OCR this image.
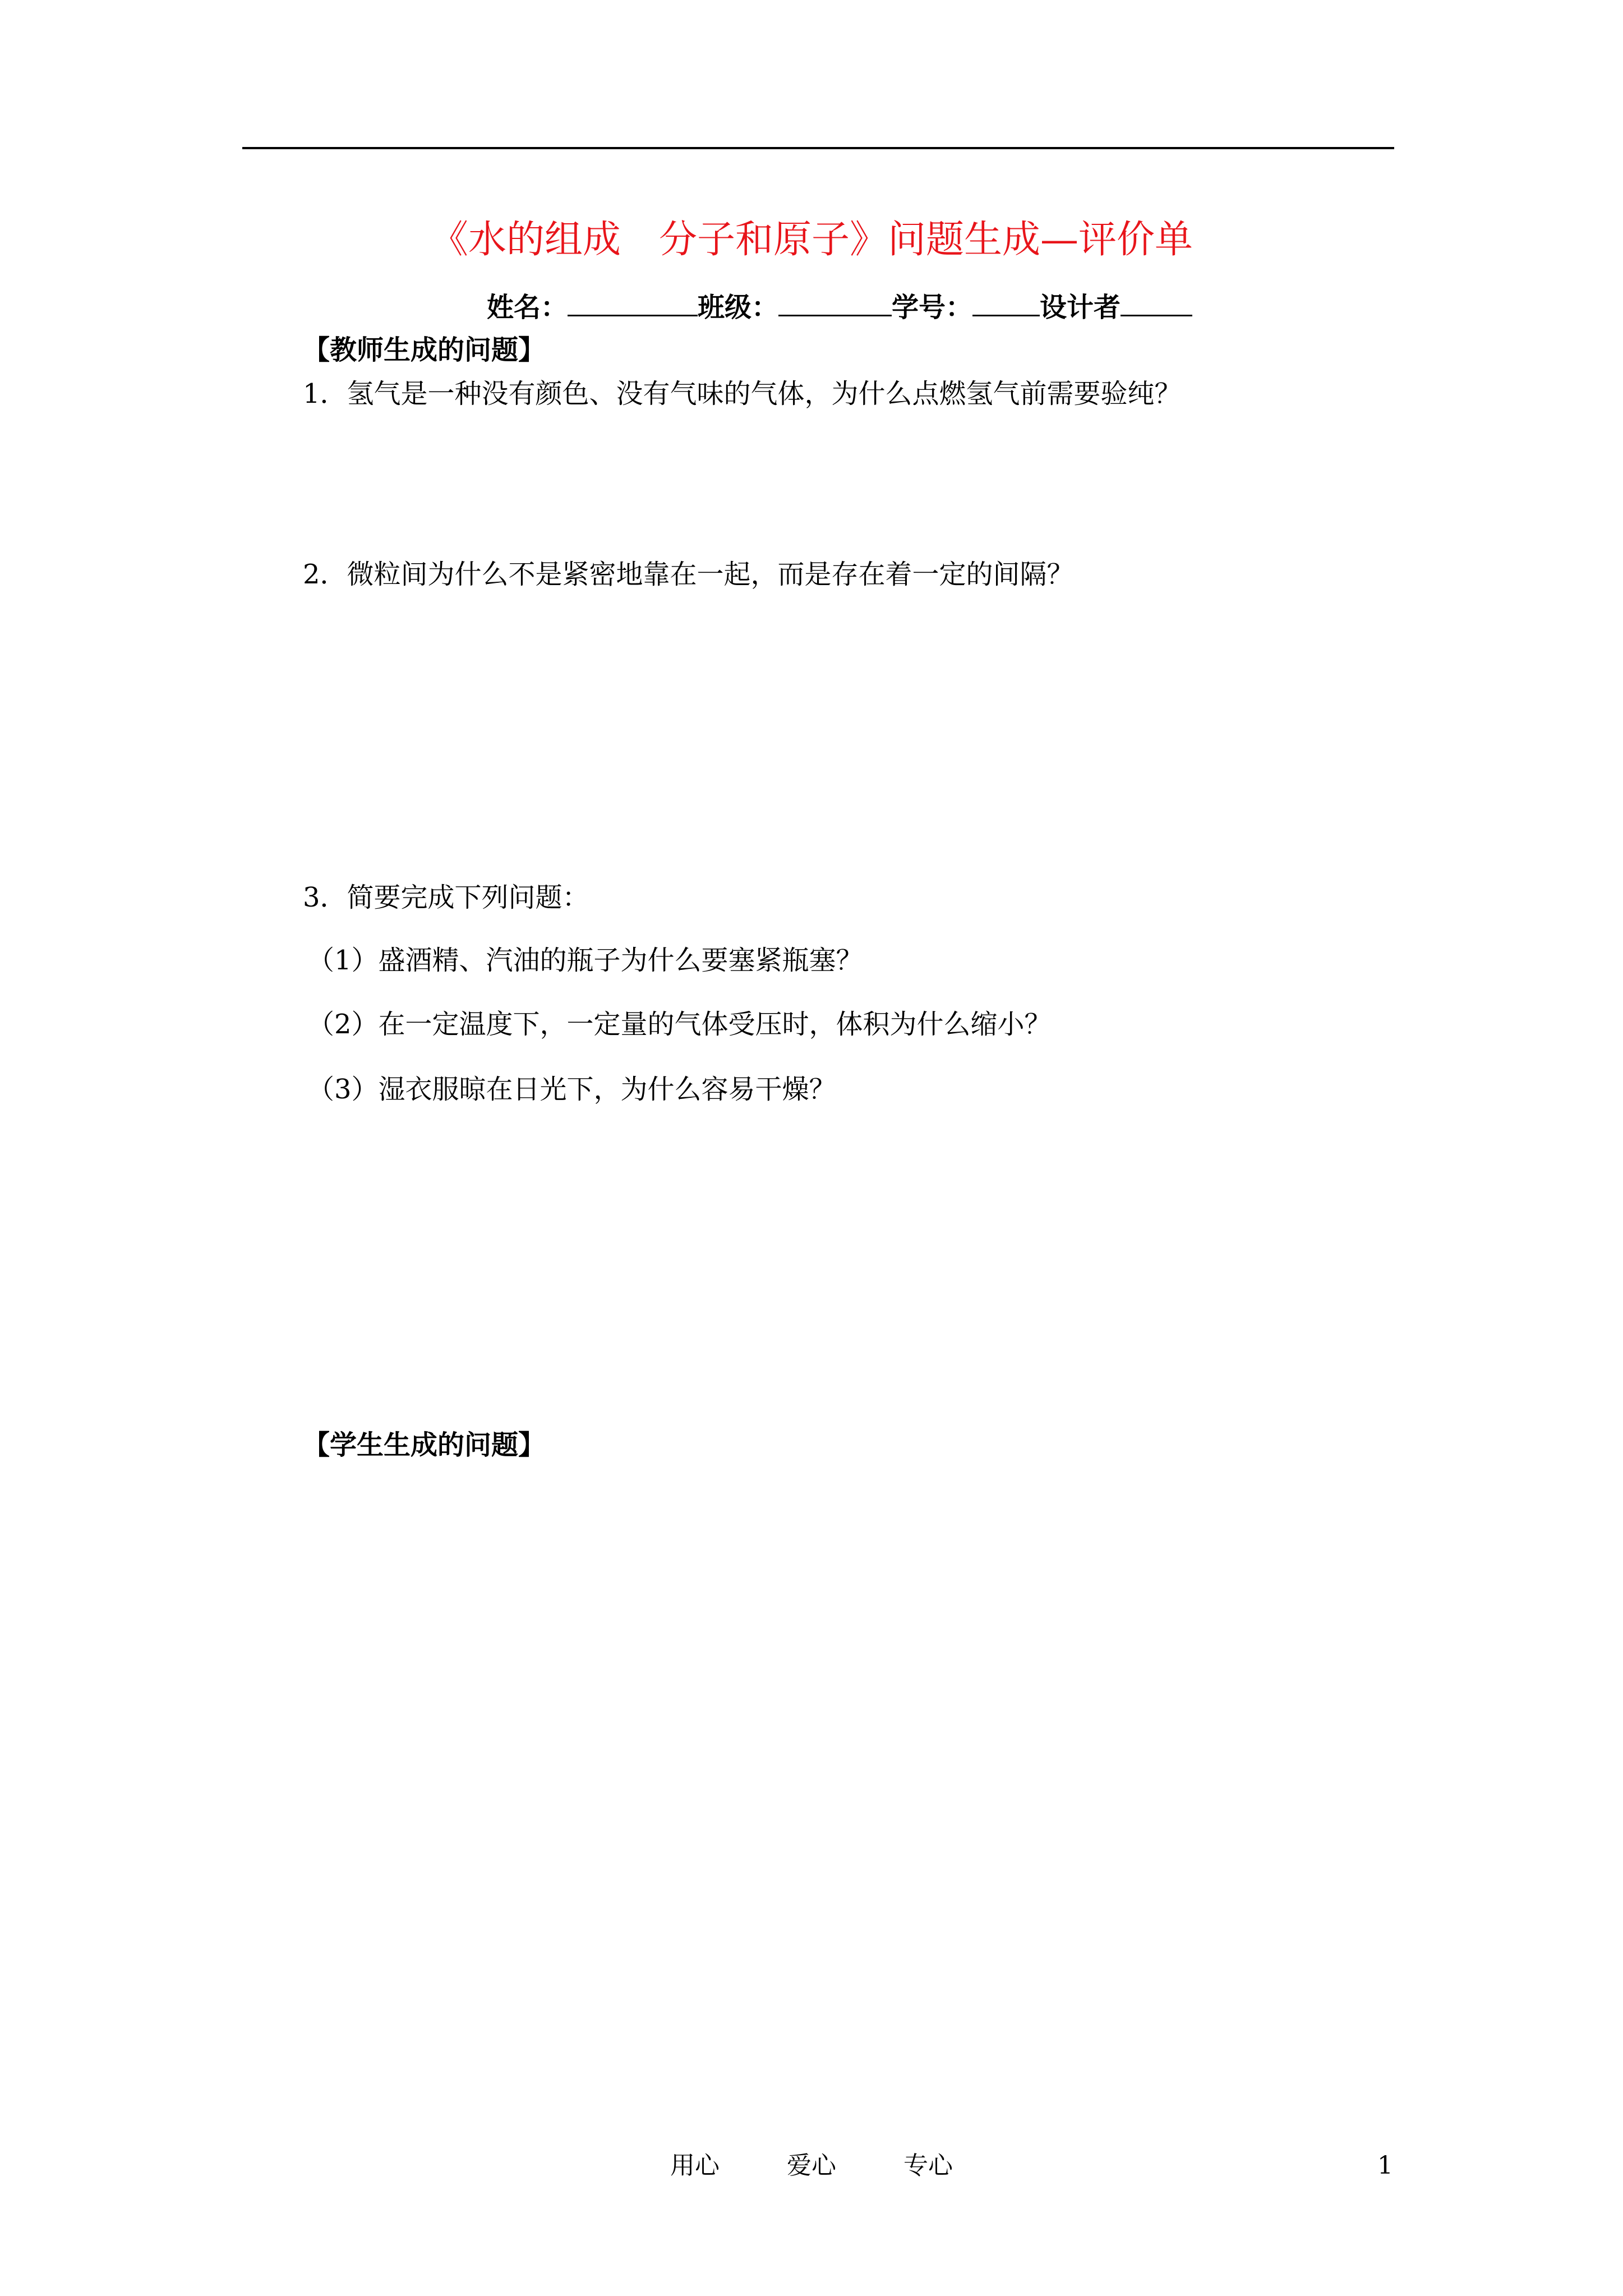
《水的组成　分子和原子》问题生成—评价单
姓名：	班级：	学号：	设计者
【教师生成的问题】
1．氢气是一种没有颜色、没有气味的气体，为什么点燃氢气前需要验纯？
2．微粒间为什么不是紧密地靠在一起，而是存在着一定的间隔？
3．简要完成下列问题：
（1）盛酒精、汽油的瓶子为什么要塞紧瓶塞？
（2）在一定温度下，一定量的气体受压时，体积为什么缩小？
（3）湿衣服晾在日光下，为什么容易干燥？
【学生生成的问题】
用心	爱心	专心	1
